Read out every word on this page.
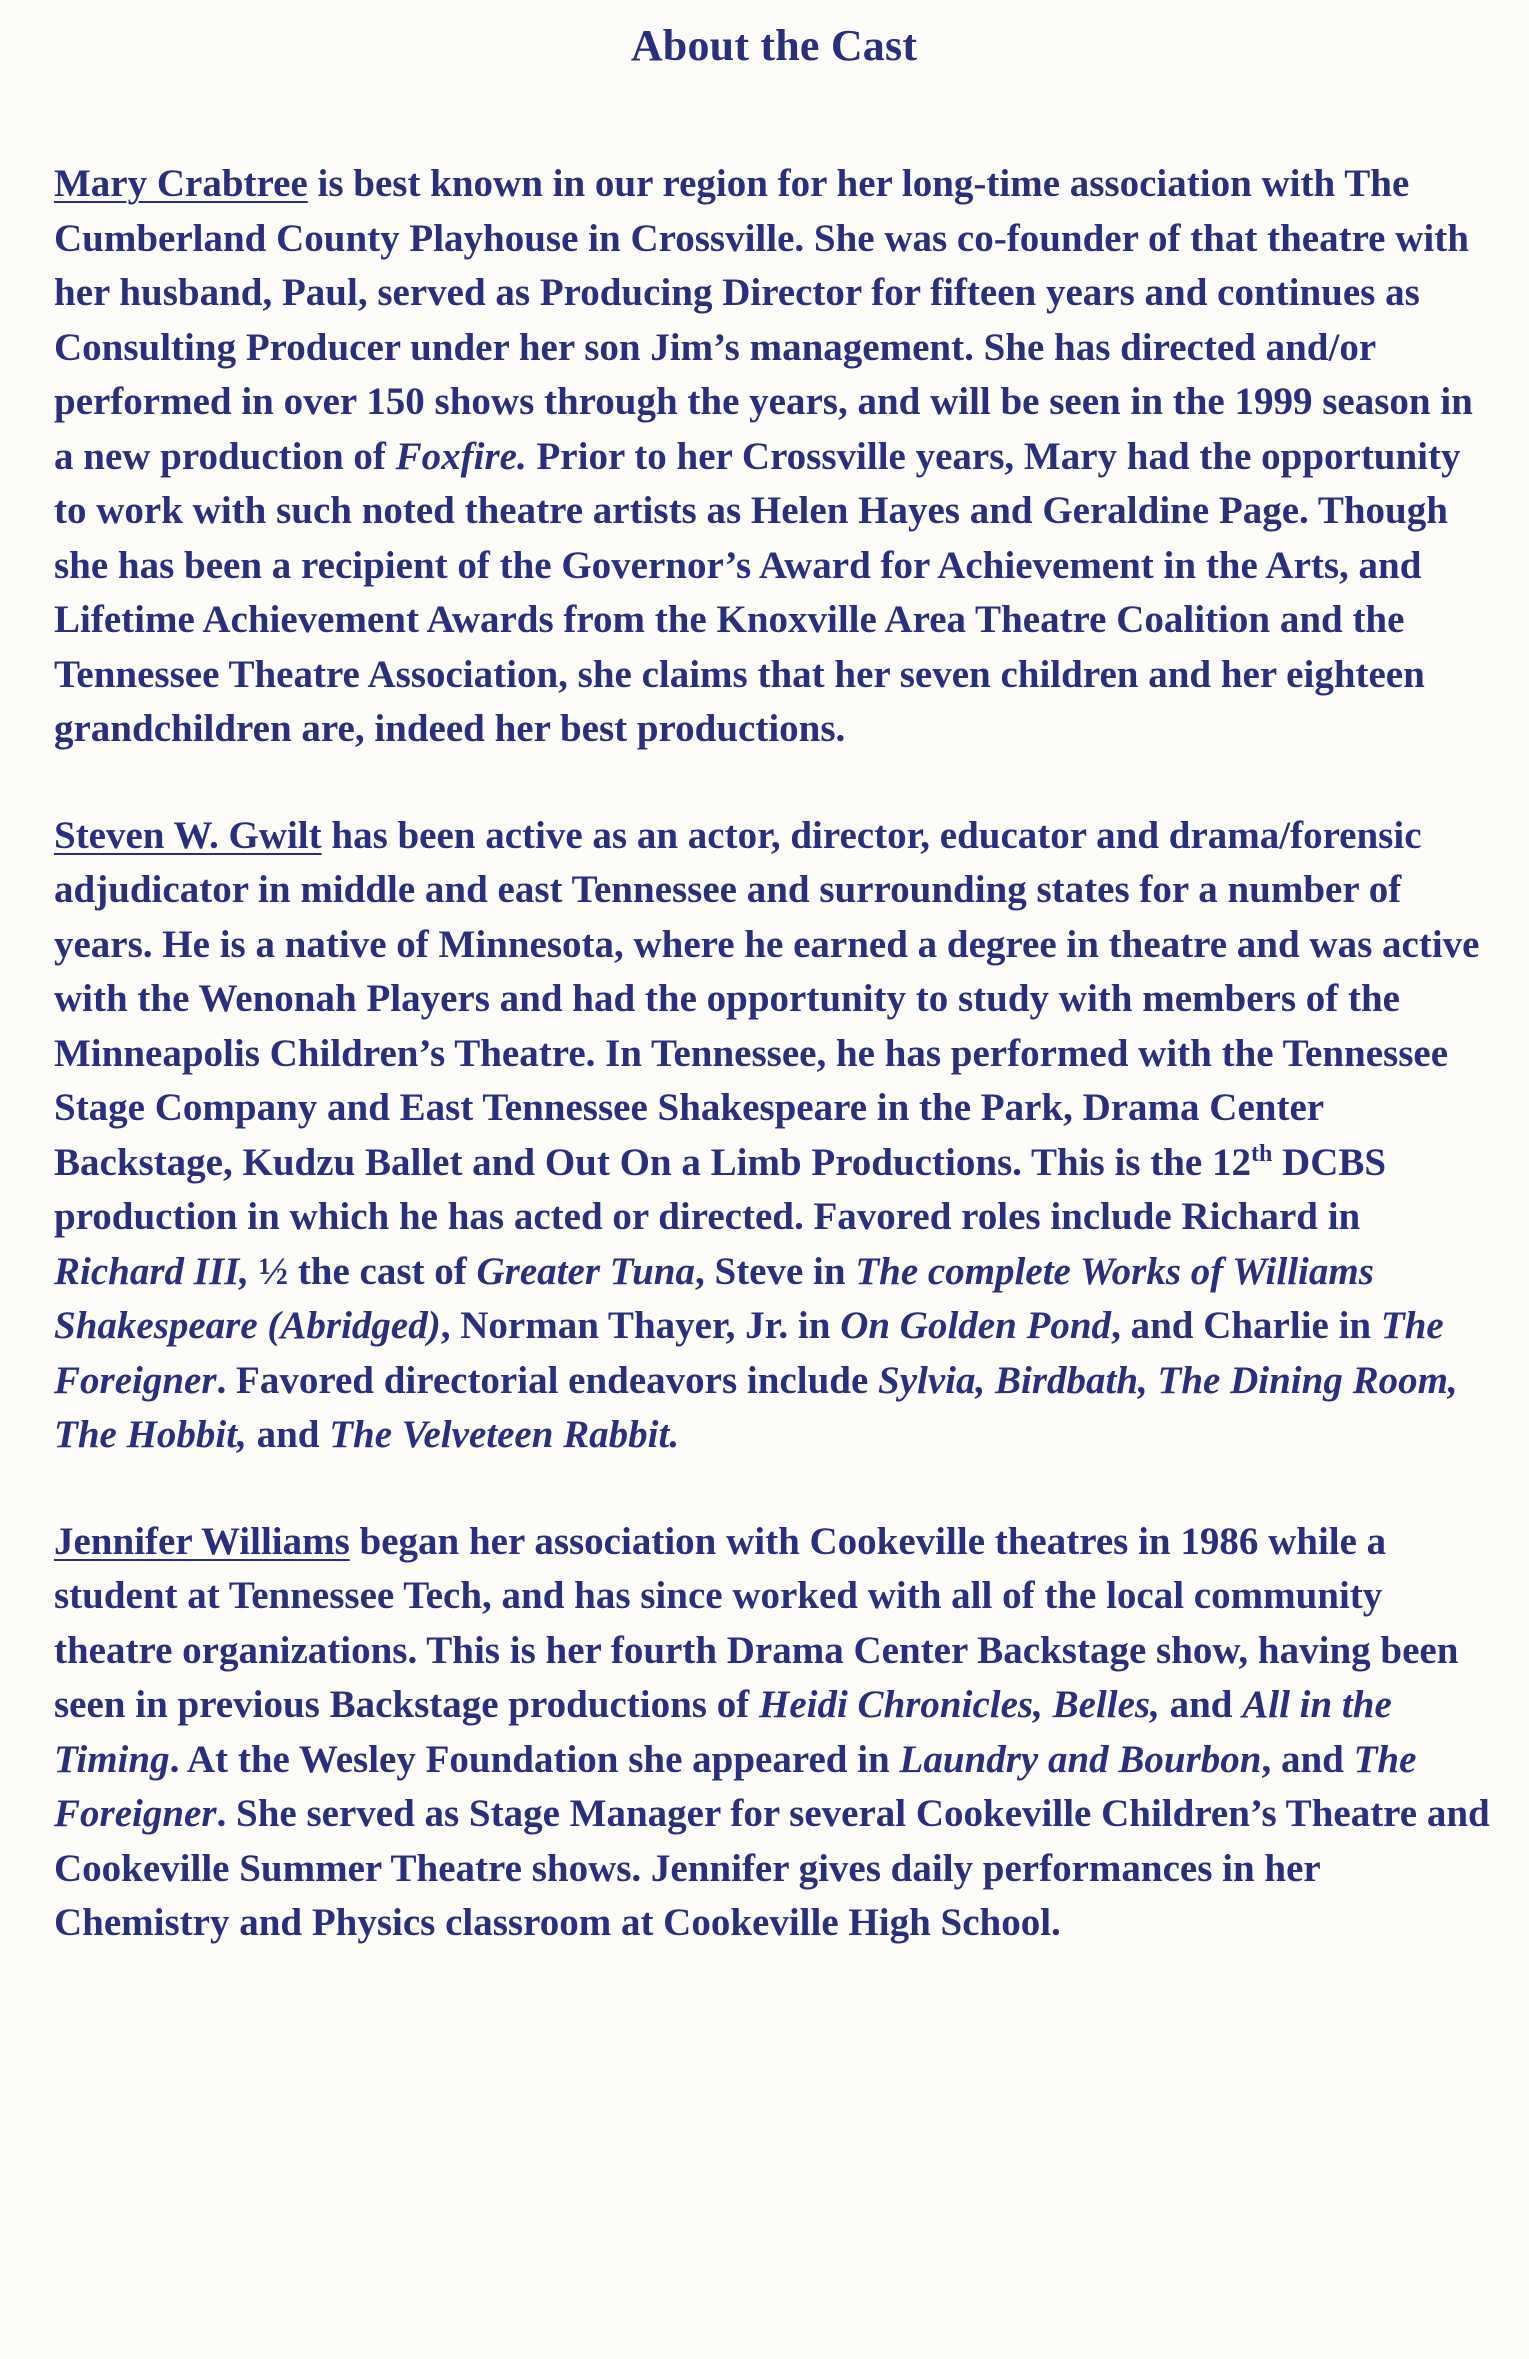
About the Cast

Mary Crabtree is best known in our region for her long-time association with The Cumberland County Playhouse in Crossville. She was co-founder of that theatre with her husband, Paul, served as Producing Director for fifteen years and continues as Consulting Producer under her son Jim’s management. She has directed and/or performed in over 150 shows through the years, and will be seen in the 1999 season in a new production of Foxfire. Prior to her Crossville years, Mary had the opportunity to work with such noted theatre artists as Helen Hayes and Geraldine Page. Though she has been a recipient of the Governor’s Award for Achievement in the Arts, and Lifetime Achievement Awards from the Knoxville Area Theatre Coalition and the Tennessee Theatre Association, she claims that her seven children and her eighteen grandchildren are, indeed her best productions.

Steven W. Gwilt has been active as an actor, director, educator and drama/forensic adjudicator in middle and east Tennessee and surrounding states for a number of years. He is a native of Minnesota, where he earned a degree in theatre and was active with the Wenonah Players and had the opportunity to study with members of the Minneapolis Children’s Theatre. In Tennessee, he has performed with the Tennessee Stage Company and East Tennessee Shakespeare in the Park, Drama Center Backstage, Kudzu Ballet and Out On a Limb Productions. This is the 12th DCBS production in which he has acted or directed. Favored roles include Richard in Richard III, ½ the cast of Greater Tuna, Steve in The complete Works of Williams Shakespeare (Abridged), Norman Thayer, Jr. in On Golden Pond, and Charlie in The Foreigner. Favored directorial endeavors include Sylvia, Birdbath, The Dining Room, The Hobbit, and The Velveteen Rabbit.

Jennifer Williams began her association with Cookeville theatres in 1986 while a student at Tennessee Tech, and has since worked with all of the local community theatre organizations. This is her fourth Drama Center Backstage show, having been seen in previous Backstage productions of Heidi Chronicles, Belles, and All in the Timing. At the Wesley Foundation she appeared in Laundry and Bourbon, and The Foreigner. She served as Stage Manager for several Cookeville Children’s Theatre and Cookeville Summer Theatre shows. Jennifer gives daily performances in her Chemistry and Physics classroom at Cookeville High School.
